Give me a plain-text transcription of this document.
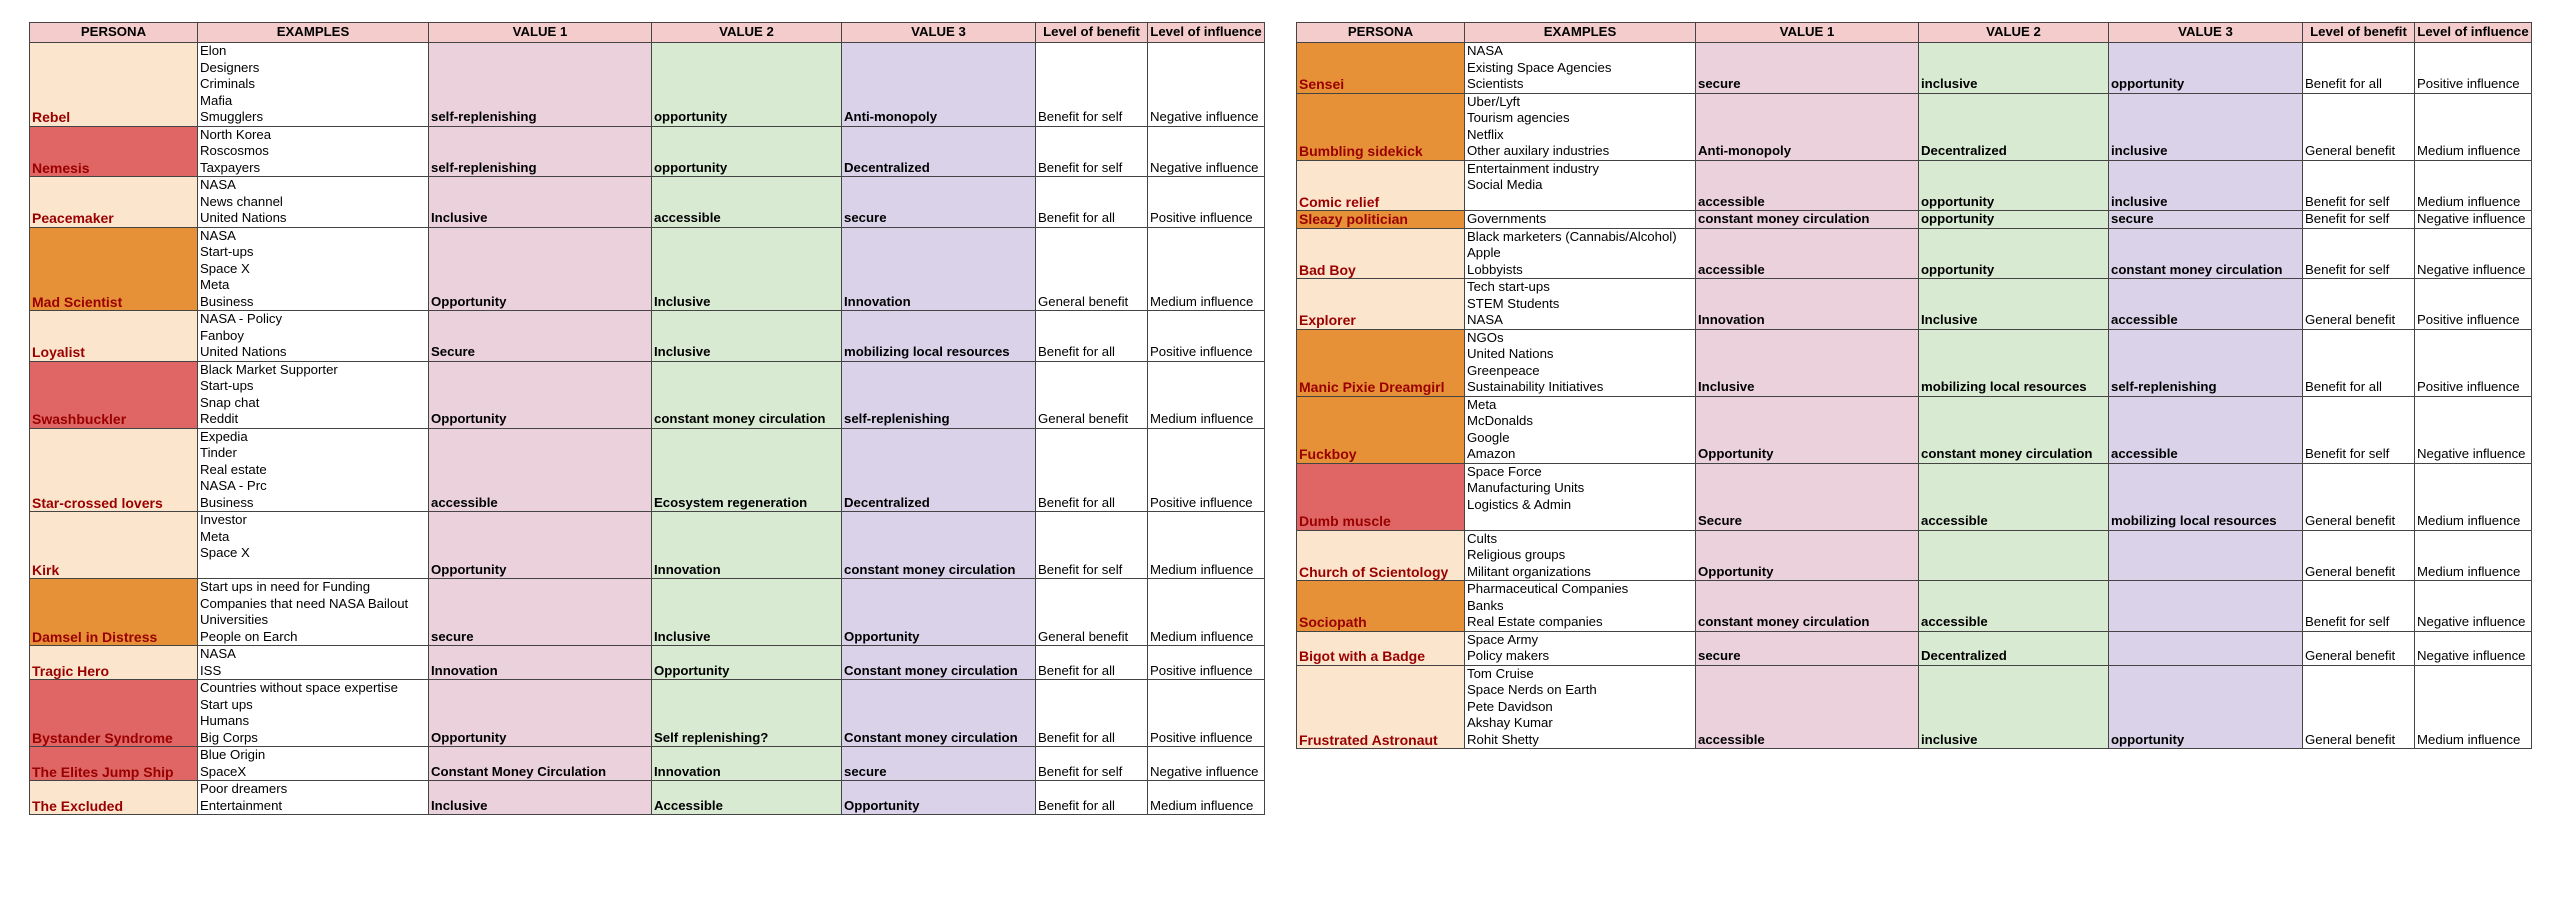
PERSONA	EXAMPLES	VALUE 1	VALUE 2	VALUE 3	Level of benefit	Level of influence
Rebel	Elon
Designers
Criminals
Mafia
Smugglers	self-replenishing	opportunity	Anti-monopoly	Benefit for self	Negative influence
Nemesis	North Korea
Roscosmos
Taxpayers	self-replenishing	opportunity	Decentralized	Benefit for self	Negative influence
Peacemaker	NASA
News channel
United Nations	Inclusive	accessible	secure	Benefit for all	Positive influence
Mad Scientist	NASA
Start-ups
Space X
Meta
Business	Opportunity	Inclusive	Innovation	General benefit	Medium influence
Loyalist	NASA - Policy
Fanboy
United Nations	Secure	Inclusive	mobilizing local resources	Benefit for all	Positive influence
Swashbuckler	Black Market Supporter
Start-ups
Snap chat
Reddit	Opportunity	constant money circulation	self-replenishing	General benefit	Medium influence
Star-crossed lovers	Expedia
Tinder
Real estate
NASA - Prc
Business	accessible	Ecosystem regeneration	Decentralized	Benefit for all	Positive influence
Kirk	Investor
Meta
Space X	Opportunity	Innovation	constant money circulation	Benefit for self	Medium influence
Damsel in Distress	Start ups in need for Funding
Companies that need NASA Bailout
Universities
People on Earch	secure	Inclusive	Opportunity	General benefit	Medium influence
Tragic Hero	NASA
ISS	Innovation	Opportunity	Constant money circulation	Benefit for all	Positive influence
Bystander Syndrome	Countries without space expertise
Start ups
Humans
Big Corps	Opportunity	Self replenishing?	Constant money circulation	Benefit for all	Positive influence
The Elites Jump Ship	Blue Origin
SpaceX	Constant Money Circulation	Innovation	secure	Benefit for self	Negative influence
The Excluded	Poor dreamers
Entertainment	Inclusive	Accessible	Opportunity	Benefit for all	Medium influence
PERSONA	EXAMPLES	VALUE 1	VALUE 2	VALUE 3	Level of benefit	Level of influence
Sensei	NASA
Existing Space Agencies
Scientists	secure	inclusive	opportunity	Benefit for all	Positive influence
Bumbling sidekick	Uber/Lyft
Tourism agencies
Netflix
Other auxilary industries	Anti-monopoly	Decentralized	inclusive	General benefit	Medium influence
Comic relief	Entertainment industry
Social Media	accessible	opportunity	inclusive	Benefit for self	Medium influence
Sleazy politician	Governments	constant money circulation	opportunity	secure	Benefit for self	Negative influence
Bad Boy	Black marketers (Cannabis/Alcohol)
Apple
Lobbyists	accessible	opportunity	constant money circulation	Benefit for self	Negative influence
Explorer	Tech start-ups
STEM Students
NASA	Innovation	Inclusive	accessible	General benefit	Positive influence
Manic Pixie Dreamgirl	NGOs
United Nations
Greenpeace
Sustainability Initiatives	Inclusive	mobilizing local resources	self-replenishing	Benefit for all	Positive influence
Fuckboy	Meta
McDonalds
Google
Amazon	Opportunity	constant money circulation	accessible	Benefit for self	Negative influence
Dumb muscle	Space Force
Manufacturing Units
Logistics & Admin	Secure	accessible	mobilizing local resources	General benefit	Medium influence
Church of Scientology	Cults
Religious groups
Militant organizations	Opportunity			General benefit	Medium influence
Sociopath	Pharmaceutical Companies
Banks
Real Estate companies	constant money circulation	accessible		Benefit for self	Negative influence
Bigot with a Badge	Space Army
Policy makers	secure	Decentralized		General benefit	Negative influence
Frustrated Astronaut	Tom Cruise
Space Nerds on Earth
Pete Davidson
Akshay Kumar
Rohit Shetty	accessible	inclusive	opportunity	General benefit	Medium influence
